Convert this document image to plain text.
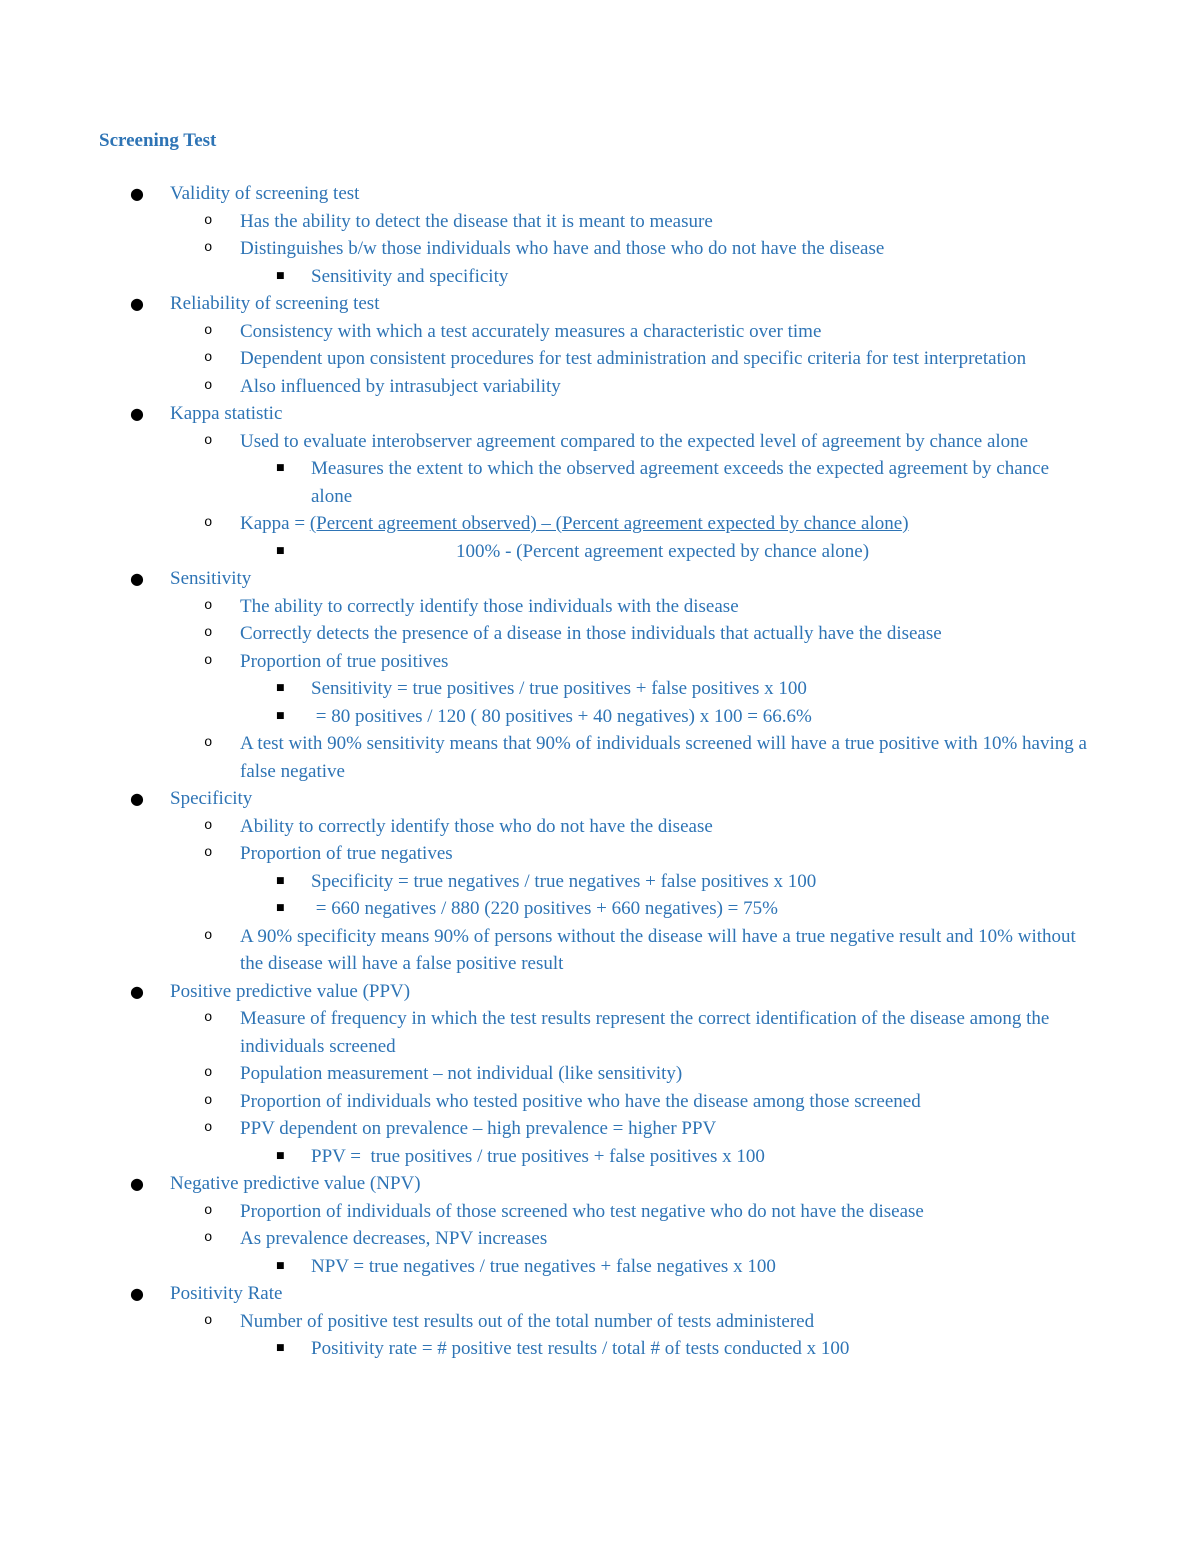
Screening Test
● Validity of screening test
o Has the ability to detect the disease that it is meant to measure
o Distinguishes b/w those individuals who have and those who do not have the disease
■ Sensitivity and specificity
● Reliability of screening test
o Consistency with which a test accurately measures a characteristic over time
o Dependent upon consistent procedures for test administration and specific criteria for test interpretation
o Also influenced by intrasubject variability
● Kappa statistic
o Used to evaluate interobserver agreement compared to the expected level of agreement by chance alone
■ Measures the extent to which the observed agreement exceeds the expected agreement by chance alone
o Kappa = (Percent agreement observed) – (Percent agreement expected by chance alone)
■	100% - (Percent agreement expected by chance alone)
● Sensitivity
o The ability to correctly identify those individuals with the disease
o Correctly detects the presence of a disease in those individuals that actually have the disease
o Proportion of true positives
■ Sensitivity = true positives / true positives + false positives x 100
■ = 80 positives / 120 ( 80 positives + 40 negatives) x 100 = 66.6%
o A test with 90% sensitivity means that 90% of individuals screened will have a true positive with 10% having a false negative
● Specificity
o Ability to correctly identify those who do not have the disease
o Proportion of true negatives
■ Specificity = true negatives / true negatives + false positives x 100
■ = 660 negatives / 880 (220 positives + 660 negatives) = 75%
o A 90% specificity means 90% of persons without the disease will have a true negative result and 10% without the disease will have a false positive result
● Positive predictive value (PPV)
o Measure of frequency in which the test results represent the correct identification of the disease among the individuals screened
o Population measurement – not individual (like sensitivity)
o Proportion of individuals who tested positive who have the disease among those screened
o PPV dependent on prevalence – high prevalence = higher PPV
■ PPV =  true positives / true positives + false positives x 100
● Negative predictive value (NPV)
o Proportion of individuals of those screened who test negative who do not have the disease
o As prevalence decreases, NPV increases
■ NPV = true negatives / true negatives + false negatives x 100
● Positivity Rate
o Number of positive test results out of the total number of tests administered
■ Positivity rate = # positive test results / total # of tests conducted x 100
